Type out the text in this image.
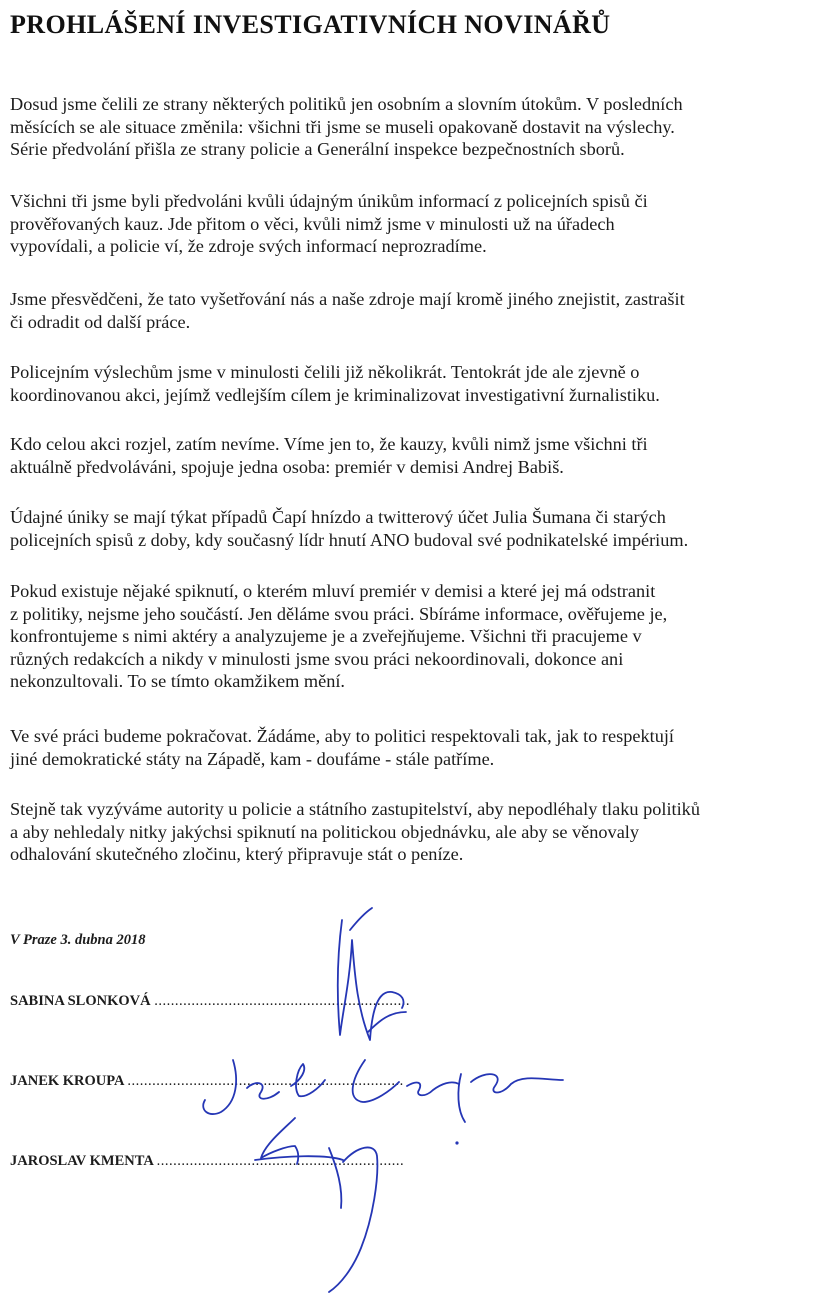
PROHLÁŠENÍ INVESTIGATIVNÍCH NOVINÁŘŮ

Dosud jsme čelili ze strany některých politiků jen osobním a slovním útokům. V posledních
měsících se ale situace změnila: všichni tři jsme se museli opakovaně dostavit na výslechy.
Série předvolání přišla ze strany policie a Generální inspekce bezpečnostních sborů.

Všichni tři jsme byli předvoláni kvůli údajným únikům informací z policejních spisů či
prověřovaných kauz. Jde přitom o věci, kvůli nimž jsme v minulosti už na úřadech
vypovídali, a policie ví, že zdroje svých informací neprozradíme.

Jsme přesvědčeni, že tato vyšetřování nás a naše zdroje mají kromě jiného znejistit, zastrašit
či odradit od další práce.

Policejním výslechům jsme v minulosti čelili již několikrát. Tentokrát jde ale zjevně o
koordinovanou akci, jejímž vedlejším cílem je kriminalizovat investigativní žurnalistiku.

Kdo celou akci rozjel, zatím nevíme. Víme jen to, že kauzy, kvůli nimž jsme všichni tři
aktuálně předvoláváni, spojuje jedna osoba: premiér v demisi Andrej Babiš.

Údajné úniky se mají týkat případů Čapí hnízdo a twitterový účet Julia Šumana či starých
policejních spisů z doby, kdy současný lídr hnutí ANO budoval své podnikatelské impérium.

Pokud existuje nějaké spiknutí, o kterém mluví premiér v demisi a které jej má odstranit
z politiky, nejsme jeho součástí. Jen děláme svou práci. Sbíráme informace, ověřujeme je,
konfrontujeme s nimi aktéry a analyzujeme je a zveřejňujeme. Všichni tři pracujeme v
různých redakcích a nikdy v minulosti jsme svou práci nekoordinovali, dokonce ani
nekonzultovali. To se tímto okamžikem mění.

Ve své práci budeme pokračovat. Žádáme, aby to politici respektovali tak, jak to respektují
jiné demokratické státy na Západě, kam - doufáme - stále patříme.

Stejně tak vyzýváme autority u policie a státního zastupitelství, aby nepodléhaly tlaku politiků
a aby nehledaly nitky jakýchsi spiknutí na politickou objednávku, ale aby se věnovaly
odhalování skutečného zločinu, který připravuje stát o peníze.

V Praze 3. dubna 2018

SABINA SLONKOVÁ ..............................................................

JANEK KROUPA ...................................................................

JAROSLAV KMENTA ............................................................
